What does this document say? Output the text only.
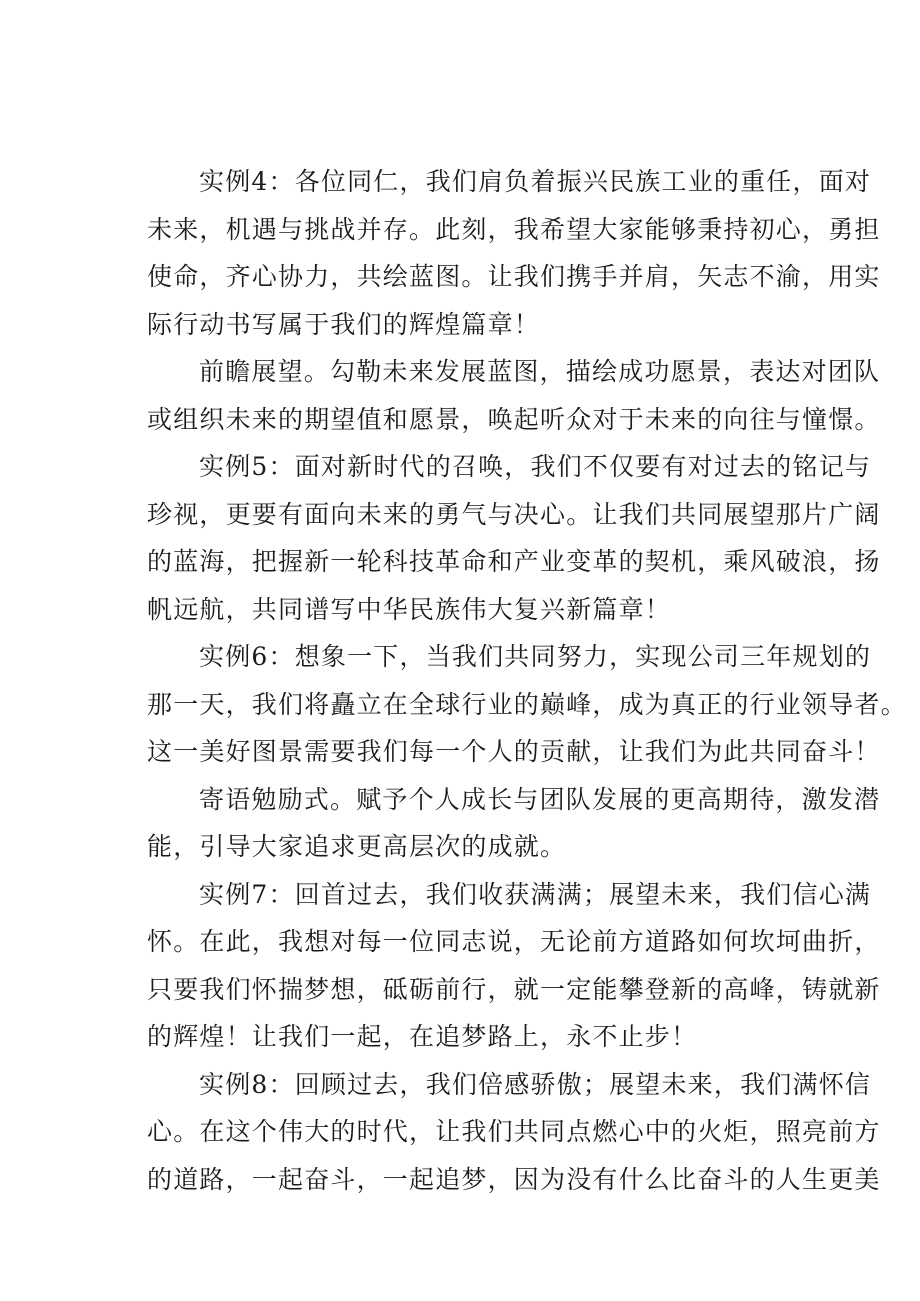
实例4：各位同仁，我们肩负着振兴民族工业的重任，面对
未来，机遇与挑战并存。此刻，我希望大家能够秉持初心，勇担
使命，齐心协力，共绘蓝图。让我们携手并肩，矢志不渝，用实
际行动书写属于我们的辉煌篇章！

前瞻展望。勾勒未来发展蓝图，描绘成功愿景，表达对团队
或组织未来的期望值和愿景，唤起听众对于未来的向往与憧憬。

实例5：面对新时代的召唤，我们不仅要有对过去的铭记与
珍视，更要有面向未来的勇气与决心。让我们共同展望那片广阔
的蓝海，把握新一轮科技革命和产业变革的契机，乘风破浪，扬
帆远航，共同谱写中华民族伟大复兴新篇章！

实例6：想象一下，当我们共同努力，实现公司三年规划的
那一天，我们将矗立在全球行业的巅峰，成为真正的行业领导者。
这一美好图景需要我们每一个人的贡献，让我们为此共同奋斗！

寄语勉励式。赋予个人成长与团队发展的更高期待，激发潜
能，引导大家追求更高层次的成就。

实例7：回首过去，我们收获满满；展望未来，我们信心满
怀。在此，我想对每一位同志说，无论前方道路如何坎坷曲折，
只要我们怀揣梦想，砥砺前行，就一定能攀登新的高峰，铸就新
的辉煌！让我们一起，在追梦路上，永不止步！

实例8：回顾过去，我们倍感骄傲；展望未来，我们满怀信
心。在这个伟大的时代，让我们共同点燃心中的火炬，照亮前方
的道路，一起奋斗，一起追梦，因为没有什么比奋斗的人生更美
